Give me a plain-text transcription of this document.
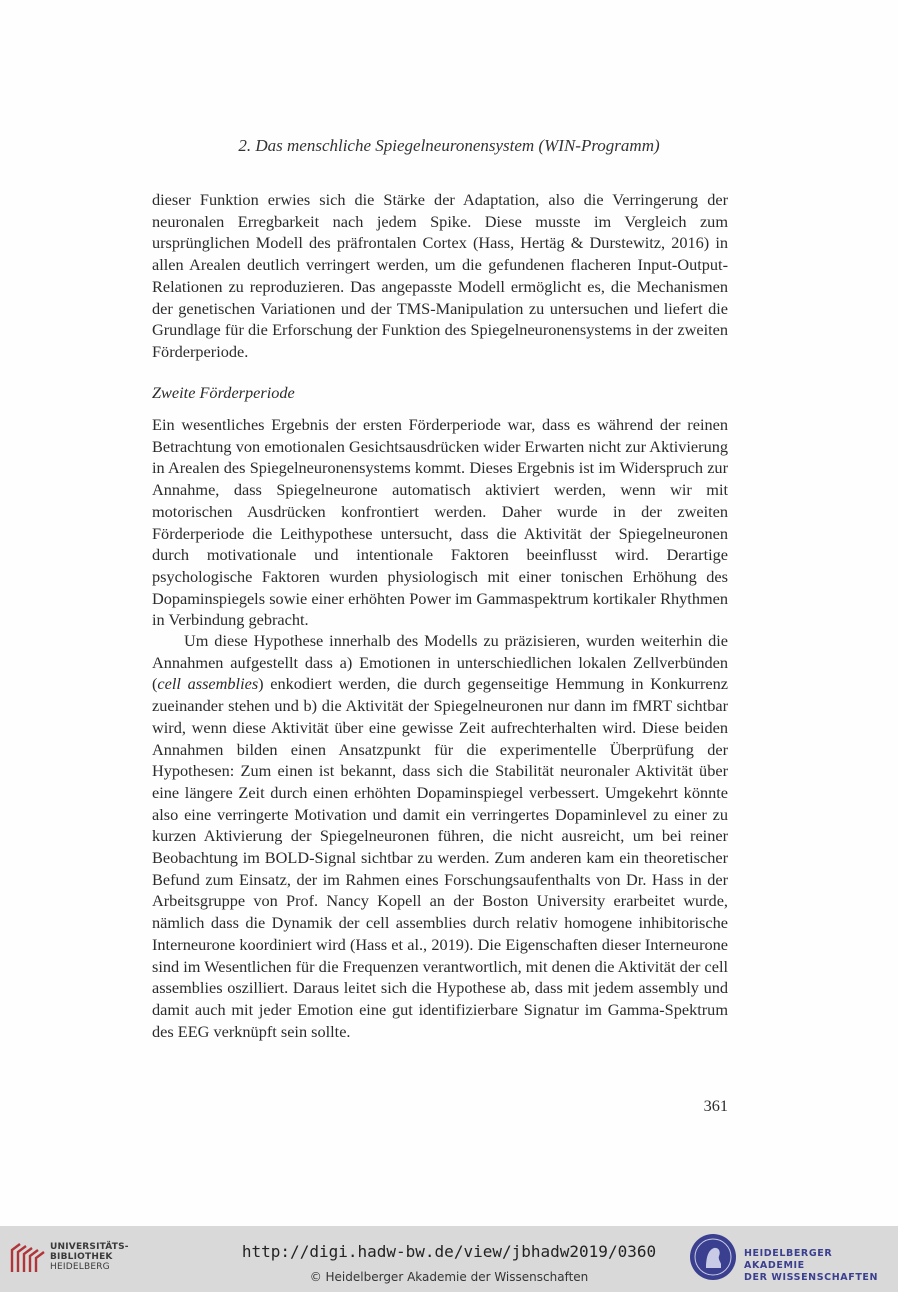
2. Das menschliche Spiegelneuronensystem (WIN-Programm)

dieser Funktion erwies sich die Stärke der Adaptation, also die Verringerung der neuronalen Erregbarkeit nach jedem Spike. Diese musste im Vergleich zum ursprünglichen Modell des präfrontalen Cortex (Hass, Hertäg & Durstewitz, 2016) in allen Arealen deutlich verringert werden, um die gefundenen flacheren Input-Output-Relationen zu reproduzieren. Das angepasste Modell ermöglicht es, die Mechanismen der genetischen Variationen und der TMS-Manipulation zu untersuchen und liefert die Grundlage für die Erforschung der Funktion des Spiegelneuronensystems in der zweiten Förderperiode.

Zweite Förderperiode

Ein wesentliches Ergebnis der ersten Förderperiode war, dass es während der reinen Betrachtung von emotionalen Gesichtsausdrücken wider Erwarten nicht zur Aktivierung in Arealen des Spiegelneuronensystems kommt. Dieses Ergebnis ist im Widerspruch zur Annahme, dass Spiegelneurone automatisch aktiviert werden, wenn wir mit motorischen Ausdrücken konfrontiert werden. Daher wurde in der zweiten Förderperiode die Leithypothese untersucht, dass die Aktivität der Spiegelneuronen durch motivationale und intentionale Faktoren beeinflusst wird. Derartige psychologische Faktoren wurden physiologisch mit einer tonischen Erhöhung des Dopaminspiegels sowie einer erhöhten Power im Gammaspektrum kortikaler Rhythmen in Verbindung gebracht.

Um diese Hypothese innerhalb des Modells zu präzisieren, wurden weiterhin die Annahmen aufgestellt dass a) Emotionen in unterschiedlichen lokalen Zellverbünden (cell assemblies) enkodiert werden, die durch gegenseitige Hemmung in Konkurrenz zueinander stehen und b) die Aktivität der Spiegelneuronen nur dann im fMRT sichtbar wird, wenn diese Aktivität über eine gewisse Zeit aufrechterhalten wird. Diese beiden Annahmen bilden einen Ansatzpunkt für die experimentelle Überprüfung der Hypothesen: Zum einen ist bekannt, dass sich die Stabilität neuronaler Aktivität über eine längere Zeit durch einen erhöhten Dopaminspiegel verbessert. Umgekehrt könnte also eine verringerte Motivation und damit ein verringertes Dopaminlevel zu einer zu kurzen Aktivierung der Spiegelneuronen führen, die nicht ausreicht, um bei reiner Beobachtung im BOLD-Signal sichtbar zu werden. Zum anderen kam ein theoretischer Befund zum Einsatz, der im Rahmen eines Forschungsaufenthalts von Dr. Hass in der Arbeitsgruppe von Prof. Nancy Kopell an der Boston University erarbeitet wurde, nämlich dass die Dynamik der cell assemblies durch relativ homogene inhibitorische Interneurone koordiniert wird (Hass et al., 2019). Die Eigenschaften dieser Interneurone sind im Wesentlichen für die Frequenzen verantwortlich, mit denen die Aktivität der cell assemblies oszilliert. Daraus leitet sich die Hypothese ab, dass mit jedem assembly und damit auch mit jeder Emotion eine gut identifizierbare Signatur im Gamma-Spektrum des EEG verknüpft sein sollte.

361
UNIVERSITÄTS-
BIBLIOTHEK
HEIDELBERG
http://digi.hadw-bw.de/view/jbhadw2019/0360
© Heidelberger Akademie der Wissenschaften
HEIDELBERGER AKADEMIE
DER WISSENSCHAFTEN
